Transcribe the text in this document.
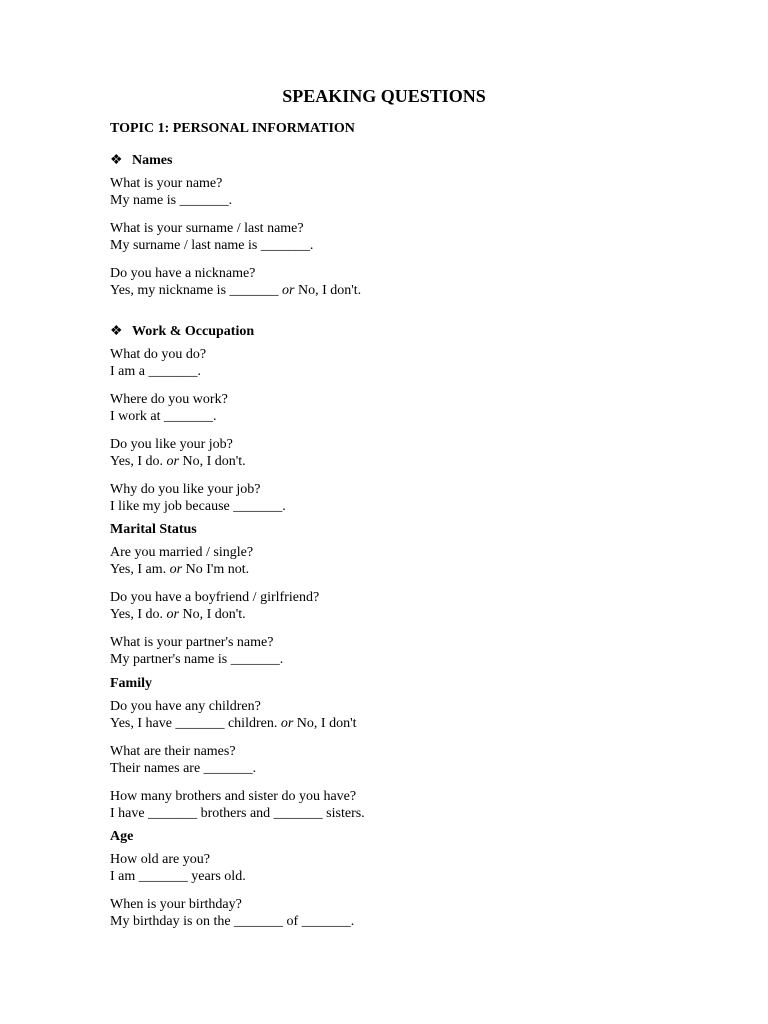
SPEAKING QUESTIONS
TOPIC 1: PERSONAL INFORMATION
❖ Names

What is your name?

My name is _______.

What is your surname / last name?

My surname / last name is _______.

Do you have a nickname?

Yes, my nickname is _______ or No, I don't.

❖ Work & Occupation

What do you do?

I am a _______.

Where do you work?

I work at _______.

Do you like your job?

Yes, I do. or No, I don't.

Why do you like your job?

I like my job because _______.

Marital Status

Are you married / single?

Yes, I am. or No I'm not.

Do you have a boyfriend / girlfriend?

Yes, I do. or No, I don't.

What is your partner's name?

My partner's name is _______.

Family

Do you have any children?

Yes, I have _______ children. or No, I don't

What are their names?

Their names are _______.

How many brothers and sister do you have?

I have _______ brothers and _______ sisters.

Age

How old are you?

I am _______ years old.

When is your birthday?

My birthday is on the _______ of _______.
